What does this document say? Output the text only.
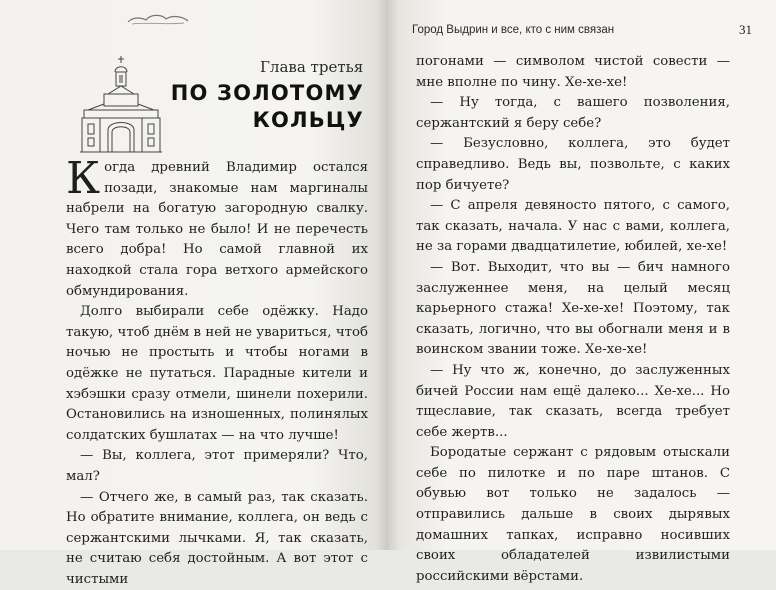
Глава третья
ПО ЗОЛОТОМУ
КОЛЬЦУ

Когда древний Владимир остался позади, знакомые нам маргиналы набрели на богатую загородную свалку. Чего там только не было! И не перечесть всего добра! Но самой главной их находкой стала гора ветхого армейского обмундирования.

Долго выбирали себе одёжку. Надо такую, чтоб днём в ней не увариться, чтоб ночью не простыть и чтобы ногами в одёжке не путаться. Парадные кители и хэбэшки сразу отмели, шинели похерили. Остановились на изношенных, полинялых солдатских бушлатах — на что лучше!

— Вы, коллега, этот примеряли? Что, мал?

— Отчего же, в самый раз, так сказать. Но обратите внимание, коллега, он ведь с сержантскими лычками. Я, так сказать, не считаю себя достойным. А вот этот с чистыми

Город Выдрин и все, кто с ним связан	31

погонами — символом чистой совести — мне вполне по чину. Хе-хе-хе!

— Ну тогда, с вашего позволения, сержантский я беру себе?

— Безусловно, коллега, это будет справедливо. Ведь вы, позвольте, с каких пор бичуете?

— С апреля девяносто пятого, с самого, так сказать, начала. У нас с вами, коллега, не за горами двадцатилетие, юбилей, хе-хе!

— Вот. Выходит, что вы — бич намного заслуженнее меня, на целый месяц карьерного стажа! Хе-хе-хе! Поэтому, так сказать, логично, что вы обогнали меня и в воинском звании тоже. Хе-хе-хе!

— Ну что ж, конечно, до заслуженных бичей России нам ещё далеко... Хе-хе... Но тщеславие, так сказать, всегда требует себе жертв...

Бородатые сержант с рядовым отыскали себе по пилотке и по паре штанов. С обувью вот только не задалось — отправились дальше в своих дырявых домашних тапках, исправно носивших своих обладателей извилистыми российскими вёрстами.
